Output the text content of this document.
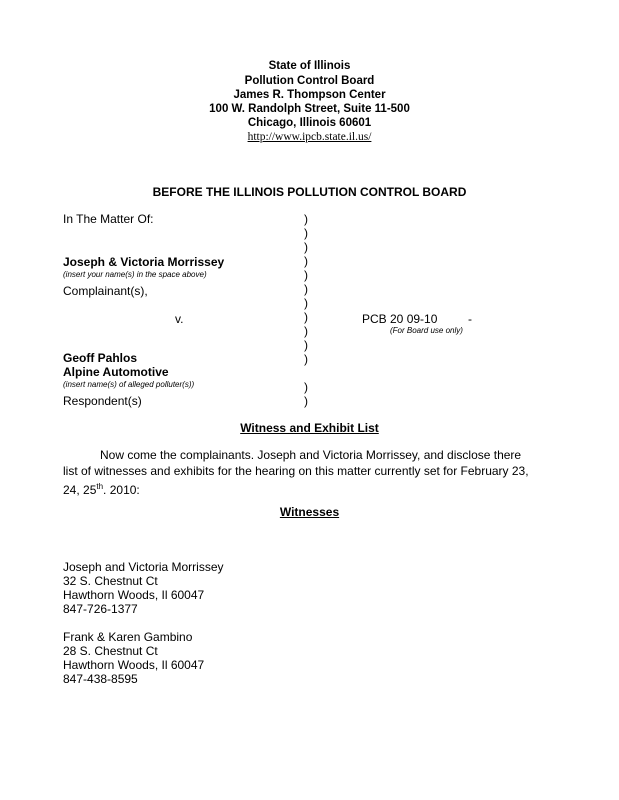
State of Illinois
Pollution Control Board
James R. Thompson Center
100 W. Randolph Street, Suite 11-500
Chicago, Illinois 60601
http://www.ipcb.state.il.us/
BEFORE THE ILLINOIS POLLUTION CONTROL BOARD
In The Matter Of:
Joseph & Victoria Morrissey
(insert your name(s) in the space above)
Complainant(s),
v.
Geoff Pahlos
Alpine Automotive
(insert name(s) of alleged polluter(s))
Respondent(s)
)
)
)
)
)
)
)
)
)
)
)
)
)
PCB 20 09-10	-
(For Board use only)
Witness and Exhibit List
Now come the complainants. Joseph and Victoria Morrissey, and disclose there
list of witnesses and exhibits for the hearing on this matter currently set for February 23,
24, 25th. 2010:
Witnesses
Joseph and Victoria Morrissey
32 S. Chestnut Ct
Hawthorn Woods, Il 60047
847-726-1377
Frank & Karen Gambino
28 S. Chestnut Ct
Hawthorn Woods, Il 60047
847-438-8595
